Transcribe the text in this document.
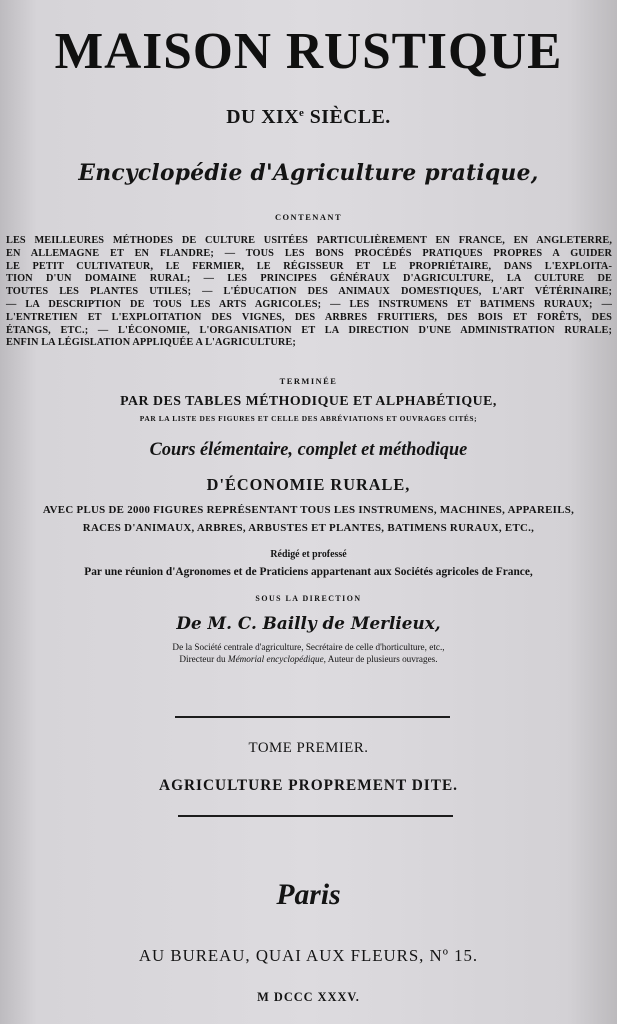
MAISON RUSTIQUE
DU XIXe SIÈCLE.
Encyclopédie d'Agriculture pratique,
CONTENANT
LES MEILLEURES MÉTHODES DE CULTURE USITÉES PARTICULIÈREMENT EN FRANCE, EN ANGLETERRE,
EN ALLEMAGNE ET EN FLANDRE; — TOUS LES BONS PROCÉDÉS PRATIQUES PROPRES A GUIDER
LE PETIT CULTIVATEUR, LE FERMIER, LE RÉGISSEUR ET LE PROPRIÉTAIRE, DANS L'EXPLOITA-
TION D'UN DOMAINE RURAL; — LES PRINCIPES GÉNÉRAUX D'AGRICULTURE, LA CULTURE DE
TOUTES LES PLANTES UTILES; — L'ÉDUCATION DES ANIMAUX DOMESTIQUES, L'ART VÉTÉRINAIRE;
— LA DESCRIPTION DE TOUS LES ARTS AGRICOLES; — LES INSTRUMENS ET BATIMENS RURAUX; —
L'ENTRETIEN ET L'EXPLOITATION DES VIGNES, DES ARBRES FRUITIERS, DES BOIS ET FORÊTS, DES
ÉTANGS, ETC.; — L'ÉCONOMIE, L'ORGANISATION ET LA DIRECTION D'UNE ADMINISTRATION RURALE;
ENFIN LA LÉGISLATION APPLIQUÉE A L'AGRICULTURE;
TERMINÉE
PAR DES TABLES MÉTHODIQUE ET ALPHABÉTIQUE,
PAR LA LISTE DES FIGURES ET CELLE DES ABRÉVIATIONS ET OUVRAGES CITÉS;
Cours élémentaire, complet et méthodique
D'ÉCONOMIE RURALE,
AVEC PLUS DE 2000 FIGURES REPRÉSENTANT TOUS LES INSTRUMENS, MACHINES, APPAREILS,
RACES D'ANIMAUX, ARBRES, ARBUSTES ET PLANTES, BATIMENS RURAUX, ETC.,
Rédigé et professé
Par une réunion d'Agronomes et de Praticiens appartenant aux Sociétés agricoles de France,
SOUS LA DIRECTION
De M. C. Bailly de Merlieux,
De la Société centrale d'agriculture, Secrétaire de celle d'horticulture, etc.,
Directeur du Mémorial encyclopédique, Auteur de plusieurs ouvrages.
TOME PREMIER.
AGRICULTURE PROPREMENT DITE.
Paris
AU BUREAU, QUAI AUX FLEURS, Nº 15.
M DCCC XXXV.
